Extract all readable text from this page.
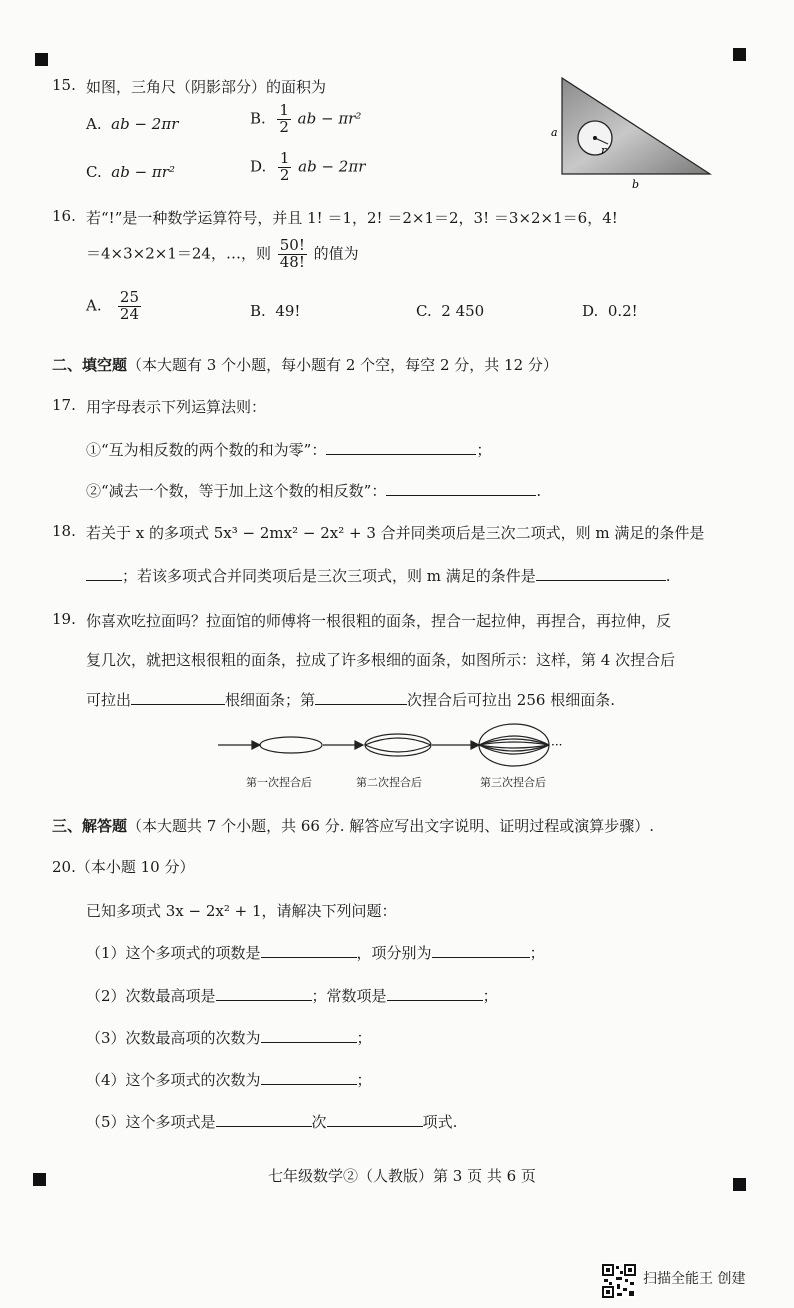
15. 如图，三角尺（阴影部分）的面积为
A. ab − 2πr	B. $\frac{1}{2}$ ab − πr²
C. ab − πr²	D. $\frac{1}{2}$ ab − 2πr
r
a
b
16. 若“!”是一种数学运算符号，并且 1! ＝1，2! ＝2×1＝2，3! ＝3×2×1＝6，4!
＝4×3×2×1＝24，…，则 $\frac{50!}{48!}$ 的值为
A. $\frac{25}{24}$	B. 49!	C. 2 450	D. 0.2!
二、填空题（本大题有 3 个小题，每小题有 2 个空，每空 2 分，共 12 分）
17. 用字母表示下列运算法则：
①“互为相反数的两个数的和为零”：	；
②“减去一个数，等于加上这个数的相反数”：	.
18. 若关于 x 的多项式 5x³ − 2mx² − 2x² + 3 合并同类项后是三次二项式，则 m 满足的条件是
；若该多项式合并同类项后是三次三项式，则 m 满足的条件是	.
19. 你喜欢吃拉面吗？拉面馆的师傅将一根很粗的面条，捏合一起拉伸，再捏合，再拉伸，反
复几次，就把这根很粗的面条，拉成了许多根细的面条，如图所示：这样，第 4 次捏合后
可拉出	根细面条；第	次捏合后可拉出 256 根细面条.
···
第一次捏合后	第二次捏合后	第三次捏合后
三、解答题（本大题共 7 个小题，共 66 分. 解答应写出文字说明、证明过程或演算步骤）.
20.（本小题 10 分）
已知多项式 3x − 2x² + 1，请解决下列问题：
（1）这个多项式的项数是	，项分别为	；
（2）次数最高项是	；常数项是	；
（3）次数最高项的次数为	；
（4）这个多项式的次数为	；
（5）这个多项式是	次	项式.
七年级数学②（人教版）第 3 页 共 6 页
扫描全能王 创建
